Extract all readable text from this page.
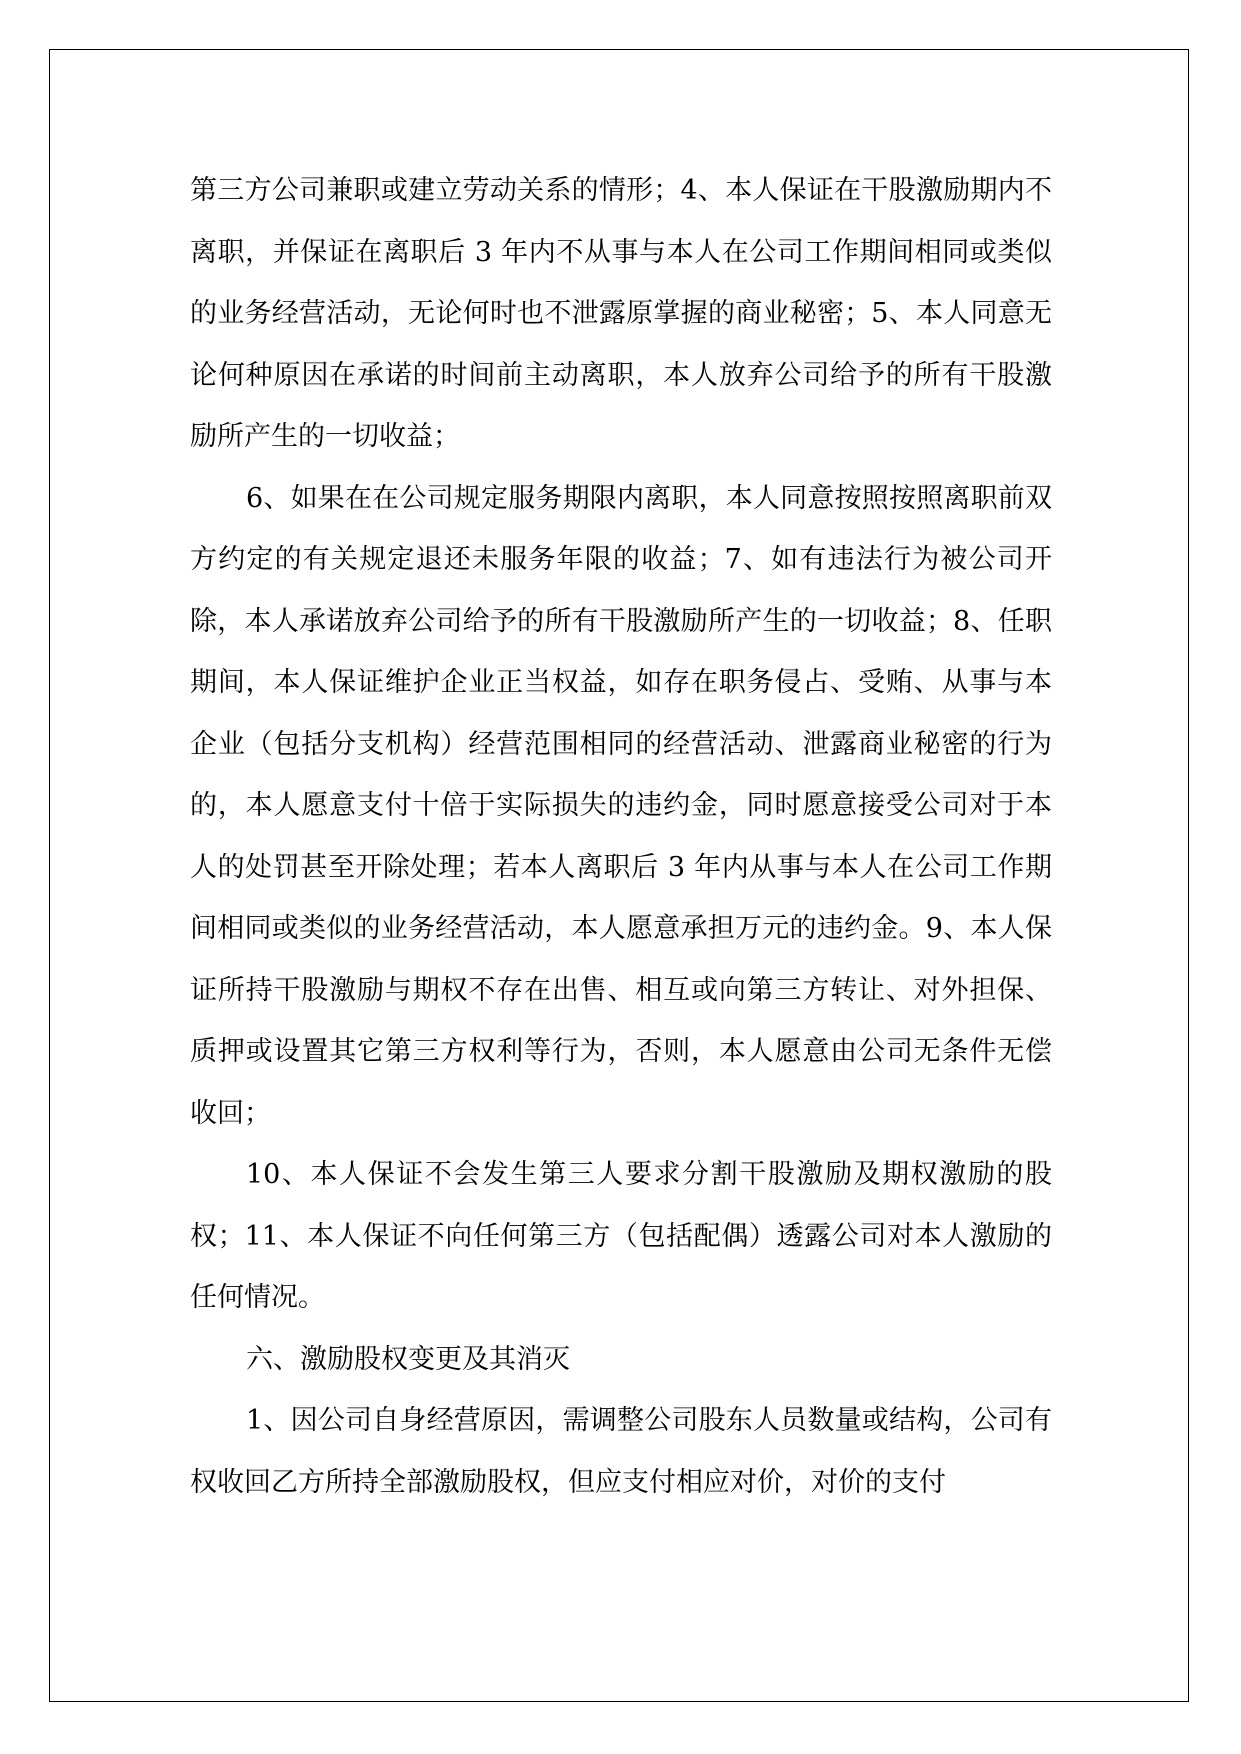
第三方公司兼职或建立劳动关系的情形；4、本人保证在干股激励期内不离职，并保证在离职后 3 年内不从事与本人在公司工作期间相同或类似的业务经营活动，无论何时也不泄露原掌握的商业秘密；5、本人同意无论何种原因在承诺的时间前主动离职，本人放弃公司给予的所有干股激励所产生的一切收益；

6、如果在在公司规定服务期限内离职，本人同意按照按照离职前双方约定的有关规定退还未服务年限的收益；7、如有违法行为被公司开除，本人承诺放弃公司给予的所有干股激励所产生的一切收益；8、任职期间，本人保证维护企业正当权益，如存在职务侵占、受贿、从事与本企业（包括分支机构）经营范围相同的经营活动、泄露商业秘密的行为的，本人愿意支付十倍于实际损失的违约金，同时愿意接受公司对于本人的处罚甚至开除处理；若本人离职后 3 年内从事与本人在公司工作期间相同或类似的业务经营活动，本人愿意承担万元的违约金。9、本人保证所持干股激励与期权不存在出售、相互或向第三方转让、对外担保、质押或设置其它第三方权利等行为，否则，本人愿意由公司无条件无偿收回；

10、本人保证不会发生第三人要求分割干股激励及期权激励的股权；11、本人保证不向任何第三方（包括配偶）透露公司对本人激励的任何情况。

六、激励股权变更及其消灭

1、因公司自身经营原因，需调整公司股东人员数量或结构，公司有权收回乙方所持全部激励股权，但应支付相应对价，对价的支付
